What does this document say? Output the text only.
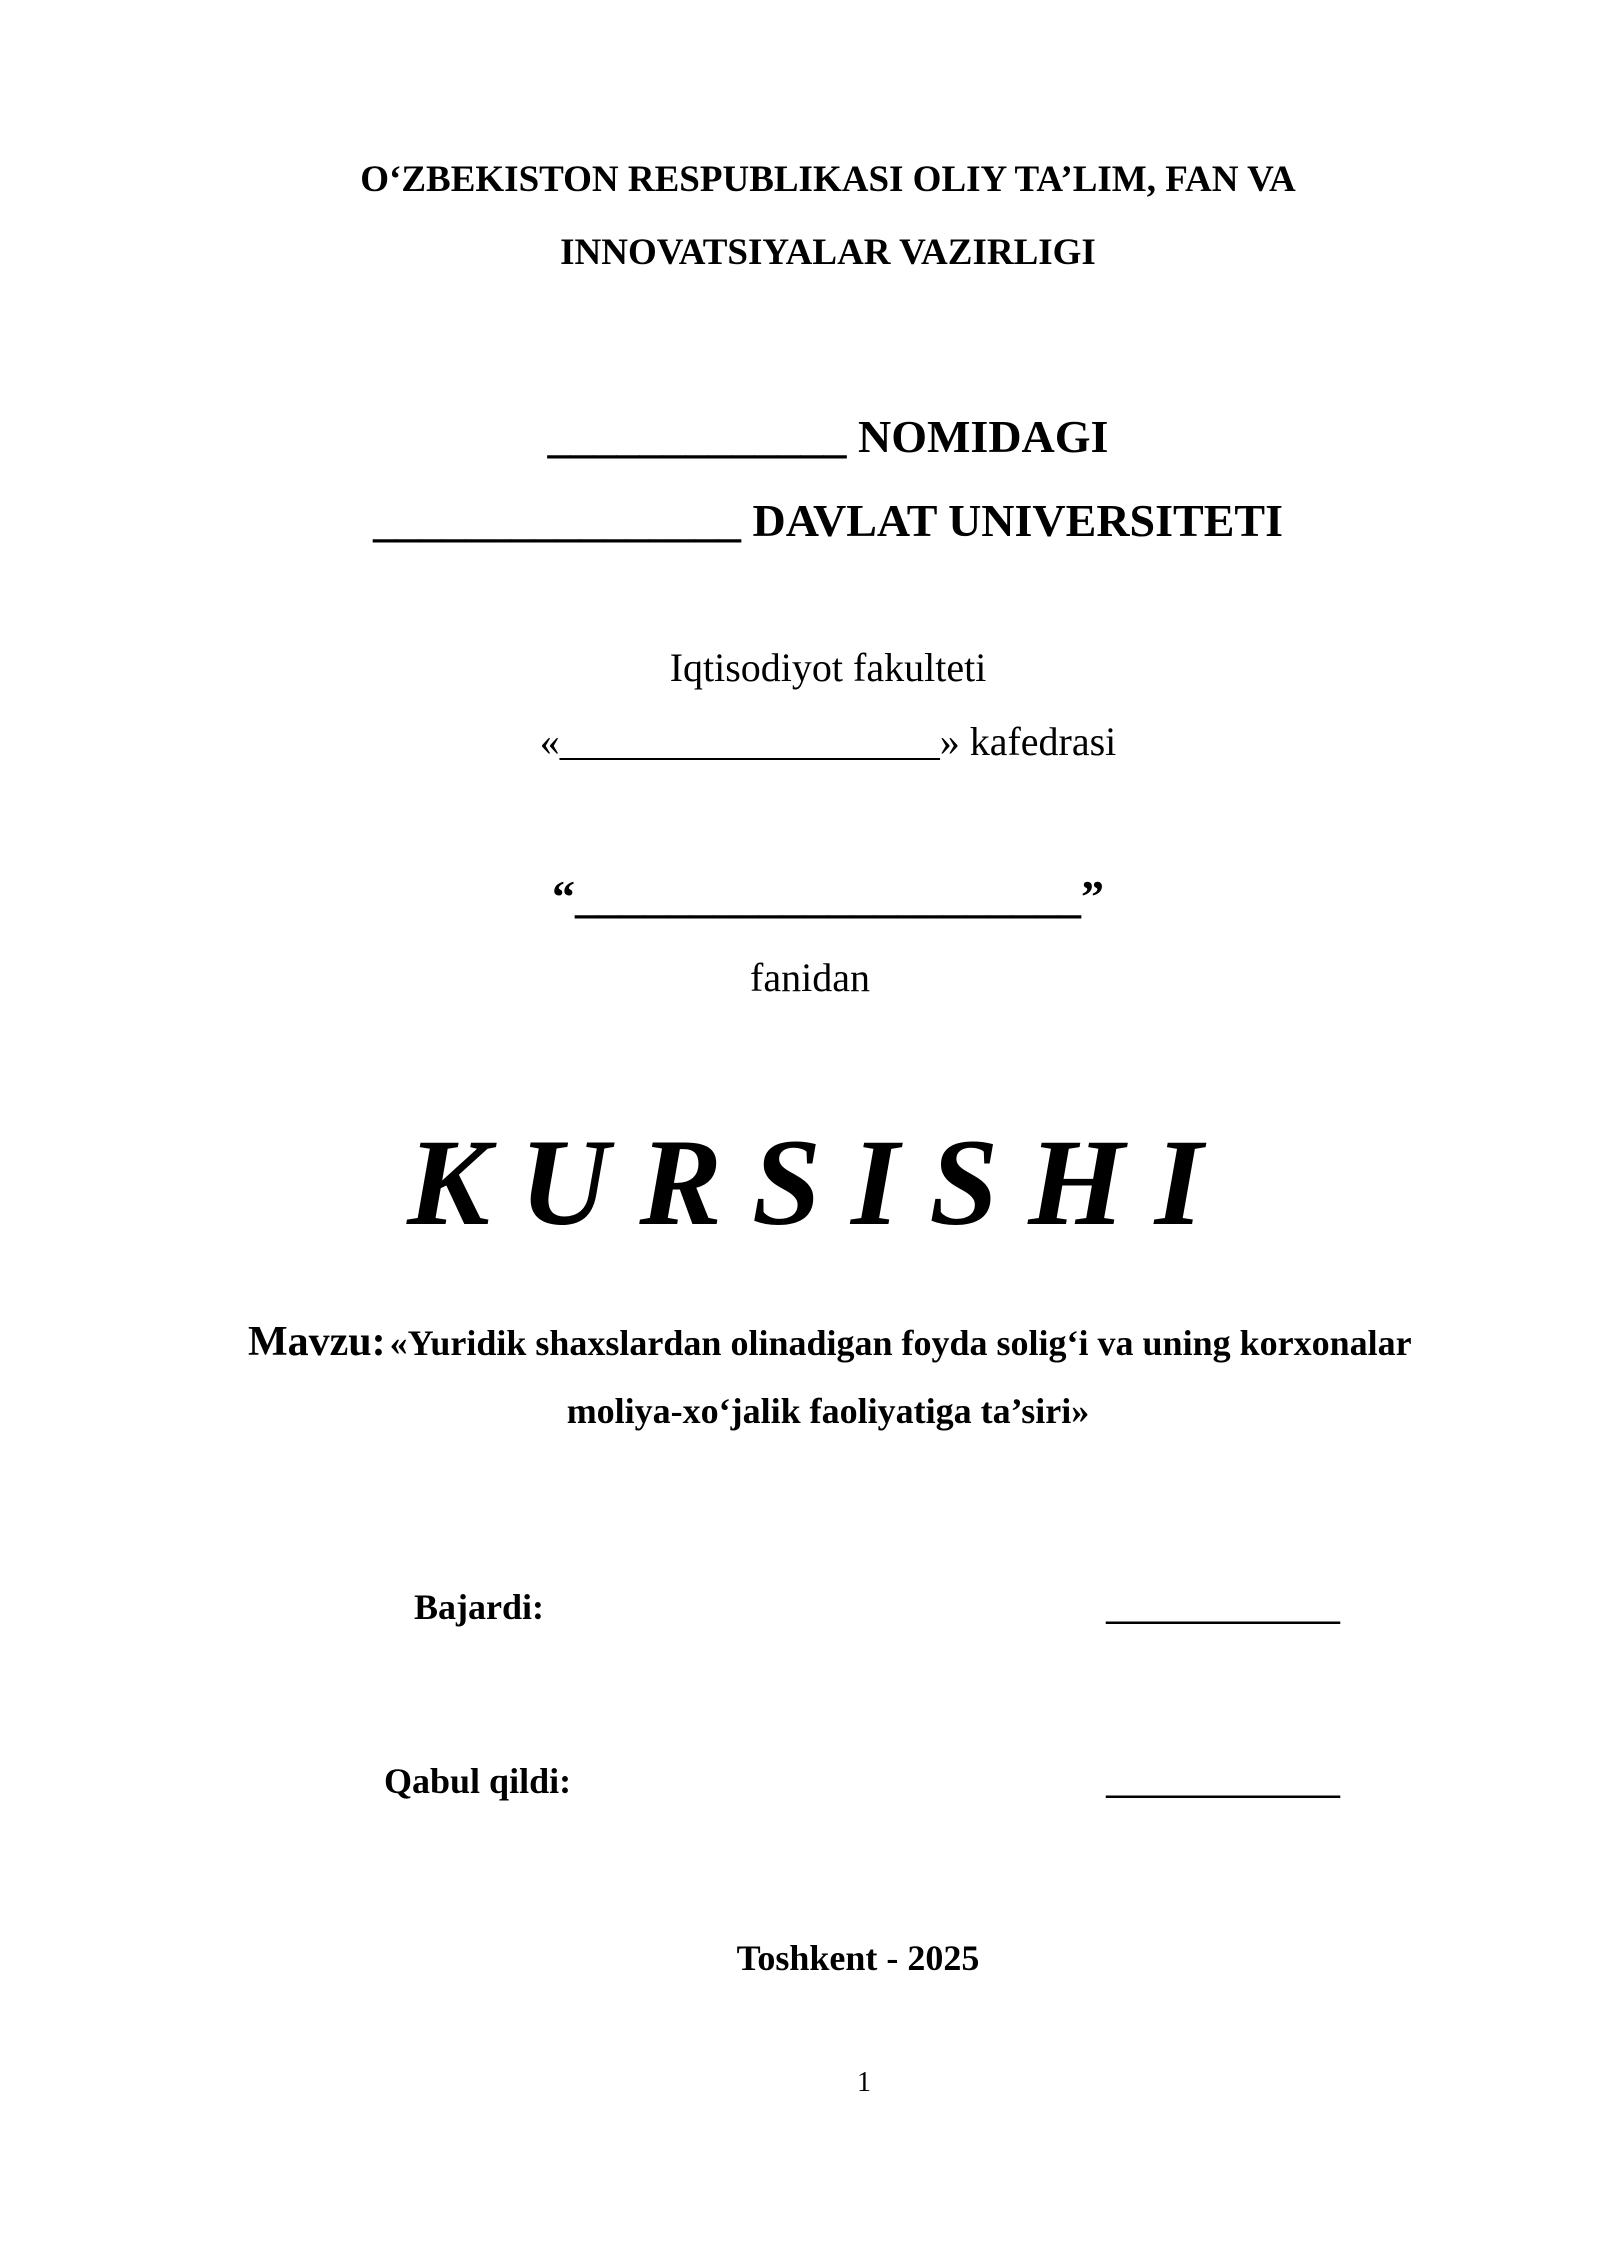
O‘ZBEKISTON RESPUBLIKASI OLIY TA’LIM, FAN VA
INNOVATSIYALAR VAZIRLIGI
_____________ NOMIDAGI
________________ DAVLAT UNIVERSITETI
Iqtisodiyot fakulteti
«___________________» kafedrasi
“______________________”
fanidan
KURSISHI
Mavzu: «Yuridik shaxslardan olinadigan foyda solig‘i va uning korxonalar
moliya-xo‘jalik faoliyatiga ta’siri»
Bajardi:	_____________
Qabul qildi:	_____________
Toshkent - 2025
1
